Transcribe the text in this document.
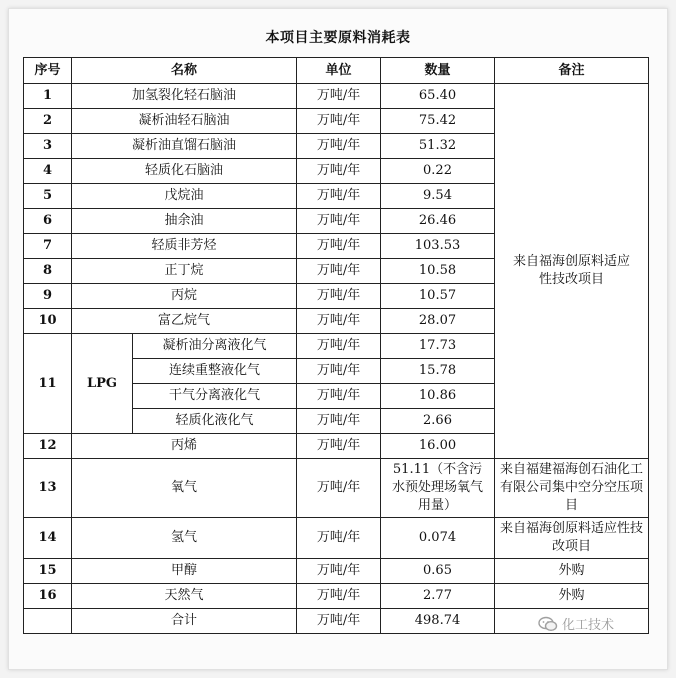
本项目主要原料消耗表
序号	名称		单位	数量	备注
1	加氢裂化轻石脑油		万吨/年	65.40	来自福海创原料适应性技改项目

2	凝析油轻石脑油		万吨/年	75.42	
3	凝析油直馏石脑油		万吨/年	51.32	
4	轻质化石脑油		万吨/年	0.22	
5	戊烷油		万吨/年	9.54	
6	抽余油		万吨/年	26.46	
7	轻质非芳烃		万吨/年	103.53	
8	正丁烷		万吨/年	10.58	
9	丙烷		万吨/年	10.57	
10	富乙烷气		万吨/年	28.07	
11	LPG	凝析油分离液化气	万吨/年	17.73	
		连续重整液化气	万吨/年	15.78	
		干气分离液化气	万吨/年	10.86	
		轻质化液化气	万吨/年	2.66	
12	丙烯		万吨/年	16.00	
13	氧气		万吨/年	51.11（不含污水预处理场氧气用量）	来自福建福海创石油化工有限公司集中空分空压项目

14	氢气		万吨/年	0.074	来自福海创原料适应性技改项目

15	甲醇		万吨/年	0.65	外购
16	天然气		万吨/年	2.77	外购
	合计		万吨/年	498.74		化工技术
